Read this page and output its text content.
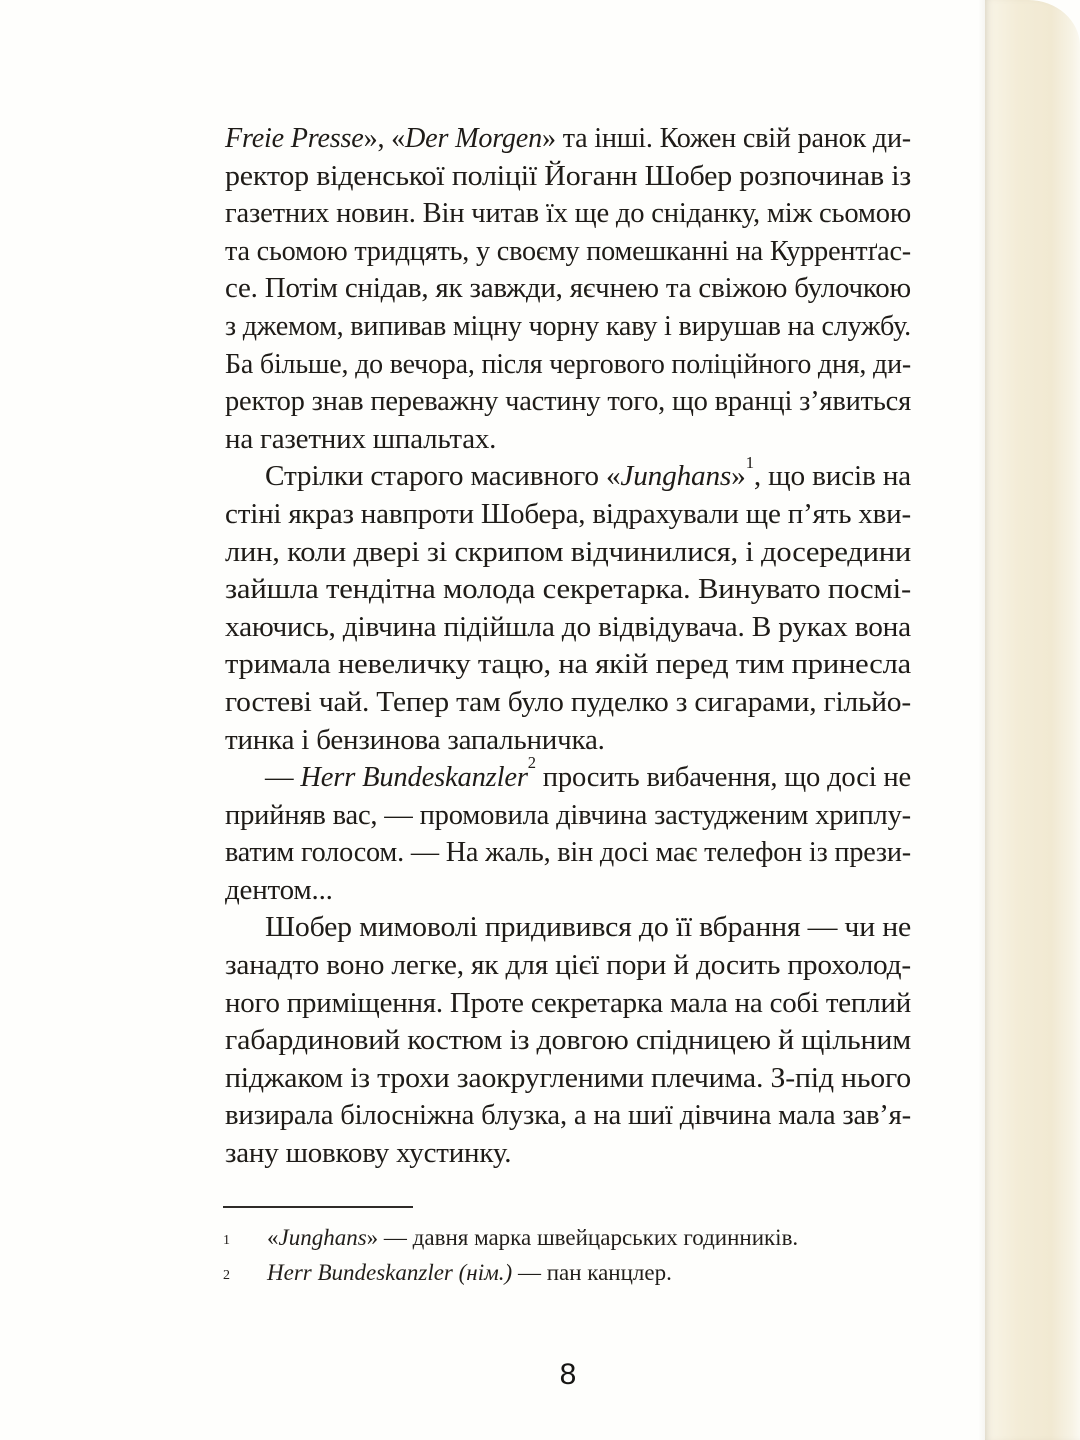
Freie Presse», «Der Morgen» та інші. Кожен свій ранок ди-
ректор віденської поліції Йоганн Шобер розпочинав із
газетних новин. Він читав їх ще до сніданку, між сьомою
та сьомою тридцять, у своєму помешканні на Куррентґас-
се. Потім снідав, як завжди, яєчнею та свіжою булочкою
з джемом, випивав міцну чорну каву і вирушав на службу.
Ба більше, до вечора, після чергового поліційного дня, ди-
ректор знав переважну частину того, що вранці з’явиться
на газетних шпальтах.
Стрілки старого масивного «Junghans»$^1$, що висів на
стіні якраз навпроти Шобера, відрахували ще п’ять хви-
лин, коли двері зі скрипом відчинилися, і досередини
зайшла тендітна молода секретарка. Винувато посмі-
хаючись, дівчина підійшла до відвідувача. В руках вона
тримала невеличку тацю, на якій перед тим принесла
гостеві чай. Тепер там було пуделко з сигарами, гільйо-
тинка і бензинова запальничка.
— Herr Bundeskanzler$^2$ просить вибачення, що досі не
прийняв вас, — промовила дівчина застудженим хриплу-
ватим голосом. — На жаль, він досі має телефон із прези-
дентом...
Шобер мимоволі придивився до її вбрання — чи не
занадто воно легке, як для цієї пори й досить прохолод-
ного приміщення. Проте секретарка мала на собі теплий
габардиновий костюм із довгою спідницею й щільним
піджаком із трохи заокругленими плечима. З-під нього
визирала білосніжна блузка, а на шиї дівчина мала зав’я-
зану шовкову хустинку.
1	«Junghans» — давня марка швейцарських годинників.
2	Herr Bundeskanzler (нім.) — пан канцлер.
8
